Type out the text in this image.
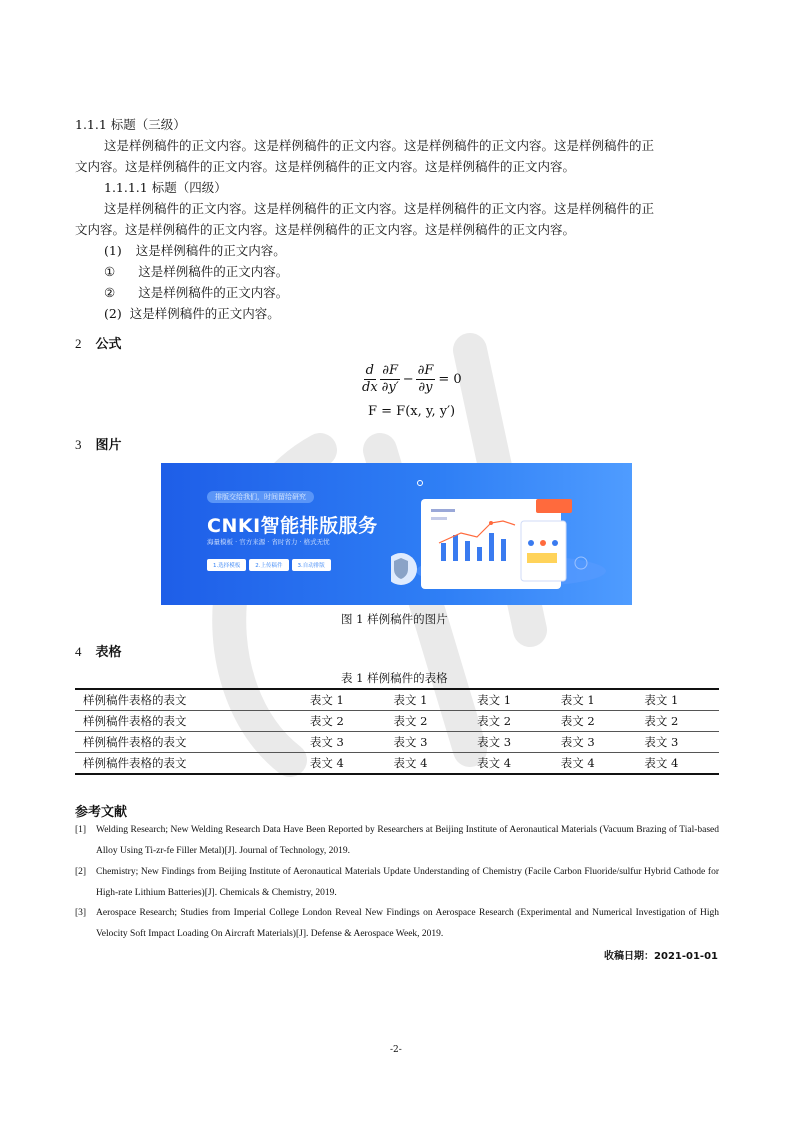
1.1.1 标题（三级）
这是样例稿件的正文内容。这是样例稿件的正文内容。这是样例稿件的正文内容。这是样例稿件的正
文内容。这是样例稿件的正文内容。这是样例稿件的正文内容。这是样例稿件的正文内容。
1.1.1.1 标题（四级）
这是样例稿件的正文内容。这是样例稿件的正文内容。这是样例稿件的正文内容。这是样例稿件的正
文内容。这是样例稿件的正文内容。这是样例稿件的正文内容。这是样例稿件的正文内容。
(1) 这是样例稿件的正文内容。
① 这是样例稿件的正文内容。
② 这是样例稿件的正文内容。
(2) 这是样例稿件的正文内容。
2 公式
$\frac{d}{dx} \frac{\partial F}{\partial y'} - \frac{\partial F}{\partial y} = 0$
F = F(x, y, y′)
3 图片
排版交给我们，时间留给研究
CNKI智能排版服务
海量模板 · 官方来源 · 省时省力 · 格式无忧
1.选择模板	2.上传稿件	3.自动排版
图 1 样例稿件的图片
4 表格
表 1 样例稿件的表格
样例稿件表格的表文	表文 1	表文 1	表文 1	表文 1	表文 1
样例稿件表格的表文	表文 2	表文 2	表文 2	表文 2	表文 2
样例稿件表格的表文	表文 3	表文 3	表文 3	表文 3	表文 3
样例稿件表格的表文	表文 4	表文 4	表文 4	表文 4	表文 4
参考文献
[1]	Welding Research; New Welding Research Data Have Been Reported by Researchers at Beijing Institute of Aeronautical Materials (Vacuum Brazing of Tial-based Alloy Using Ti-zr-fe Filler Metal)[J]. Journal of Technology, 2019.
[2]	Chemistry; New Findings from Beijing Institute of Aeronautical Materials Update Understanding of Chemistry (Facile Carbon Fluoride/sulfur Hybrid Cathode for High-rate Lithium Batteries)[J]. Chemicals & Chemistry, 2019.
[3]	Aerospace Research; Studies from Imperial College London Reveal New Findings on Aerospace Research (Experimental and Numerical Investigation of High Velocity Soft Impact Loading On Aircraft Materials)[J]. Defense & Aerospace Week, 2019.
收稿日期：2021-01-01
-2-
